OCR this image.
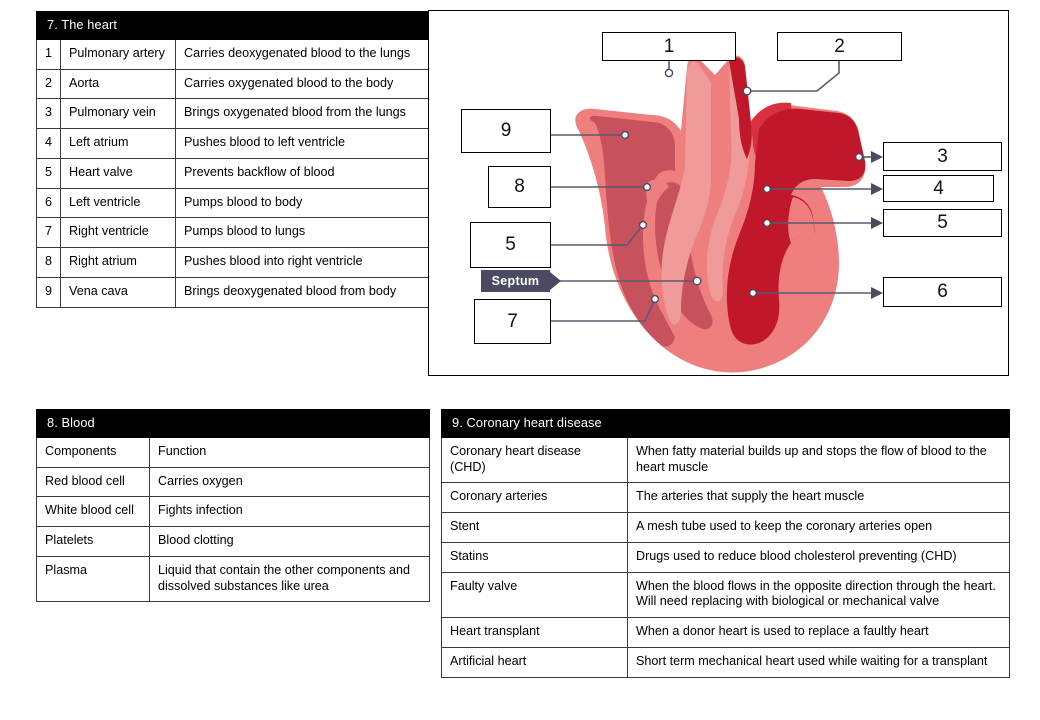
7. The heart		
1	Pulmonary artery	Carries deoxygenated blood to the lungs
2	Aorta	Carries oxygenated blood to the body
3	Pulmonary vein	Brings oxygenated blood from the lungs
4	Left atrium	Pushes blood to left ventricle
5	Heart valve	Prevents backflow of blood
6	Left ventricle	Pumps blood to body
7	Right ventricle	Pumps blood to lungs
8	Right atrium	Pushes blood into right ventricle
9	Vena cava	Brings deoxygenated blood from body
8. Blood	
Components	Function
Red blood cell	Carries oxygen
White blood cell	Fights infection
Platelets	Blood clotting
Plasma	Liquid that contain the other components and dissolved substances like urea
9. Coronary heart disease	
Coronary heart disease (CHD)	When fatty material builds up and stops the flow of blood to the heart muscle
Coronary arteries	The arteries that supply the heart muscle
Stent	A mesh tube used to keep the coronary arteries open
Statins	Drugs used to reduce blood cholesterol preventing (CHD)
Faulty valve	When the blood flows in the opposite direction through the heart. Will need replacing with biological or mechanical valve
Heart transplant	When a donor heart is used to replace a faultly heart
Artificial heart	Short term mechanical heart used while waiting for a transplant
1	2
9
8
5
7
3
4
5
6
Septum
